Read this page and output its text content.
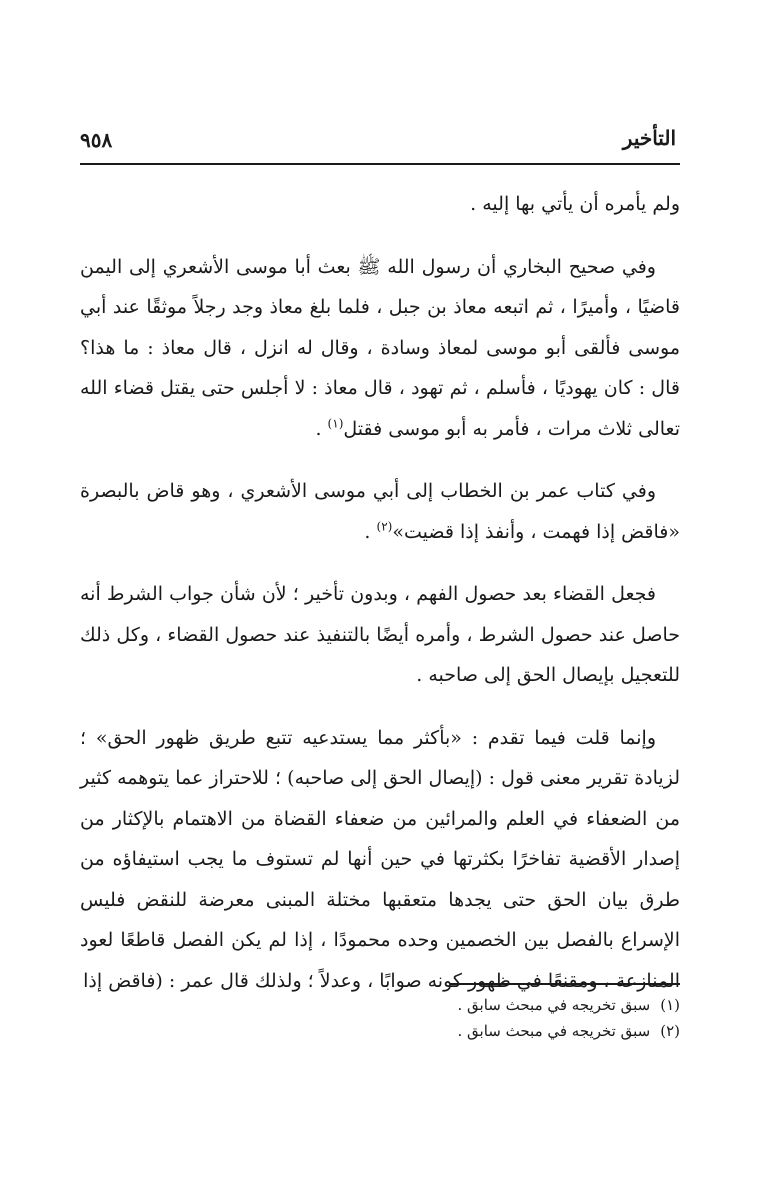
٩٥٨	التأخير

ولم يأمره أن يأتي بها إليه .

وفي صحيح البخاري أن رسول الله ﷺ بعث أبا موسى الأشعري إلى اليمن قاضيًا ، وأميرًا ، ثم اتبعه معاذ بن جبل ، فلما بلغ معاذ وجد رجلاً موثقًا عند أبي موسى فألقى أبو موسى لمعاذ وسادة ، وقال له انزل ، قال معاذ : ما هذا؟ قال : كان يهوديًا ، فأسلم ، ثم تهود ، قال معاذ : لا أجلس حتى يقتل قضاء الله تعالى ثلاث مرات ، فأمر به أبو موسى فقتل$^{(١)}$ .

وفي كتاب عمر بن الخطاب إلى أبي موسى الأشعري ، وهو قاض بالبصرة «فاقض إذا فهمت ، وأنفذ إذا قضيت»$^{(٢)}$ .

فجعل القضاء بعد حصول الفهم ، وبدون تأخير ؛ لأن شأن جواب الشرط أنه حاصل عند حصول الشرط ، وأمره أيضًا بالتنفيذ عند حصول القضاء ، وكل ذلك للتعجيل بإيصال الحق إلى صاحبه .

وإنما قلت فيما تقدم : «بأكثر مما يستدعيه تتبع طريق ظهور الحق» ؛ لزيادة تقرير معنى قول : (إيصال الحق إلى صاحبه) ؛ للاحتراز عما يتوهمه كثير من الضعفاء في العلم والمرائين من ضعفاء القضاة من الاهتمام بالإكثار من إصدار الأقضية تفاخرًا بكثرتها في حين أنها لم تستوف ما يجب استيفاؤه من طرق بيان الحق حتى يجدها متعقبها مختلة المبنى معرضة للنقض فليس الإسراع بالفصل بين الخصمين وحده محمودًا ، إذا لم يكن الفصل قاطعًا لعود المنازعة ، ومقنعًا في ظهور كونه صوابًا ، وعدلاً ؛ ولذلك قال عمر : (فاقض إذا

(١)سبق تخريجه في مبحث سابق .
(٢)سبق تخريجه في مبحث سابق .
